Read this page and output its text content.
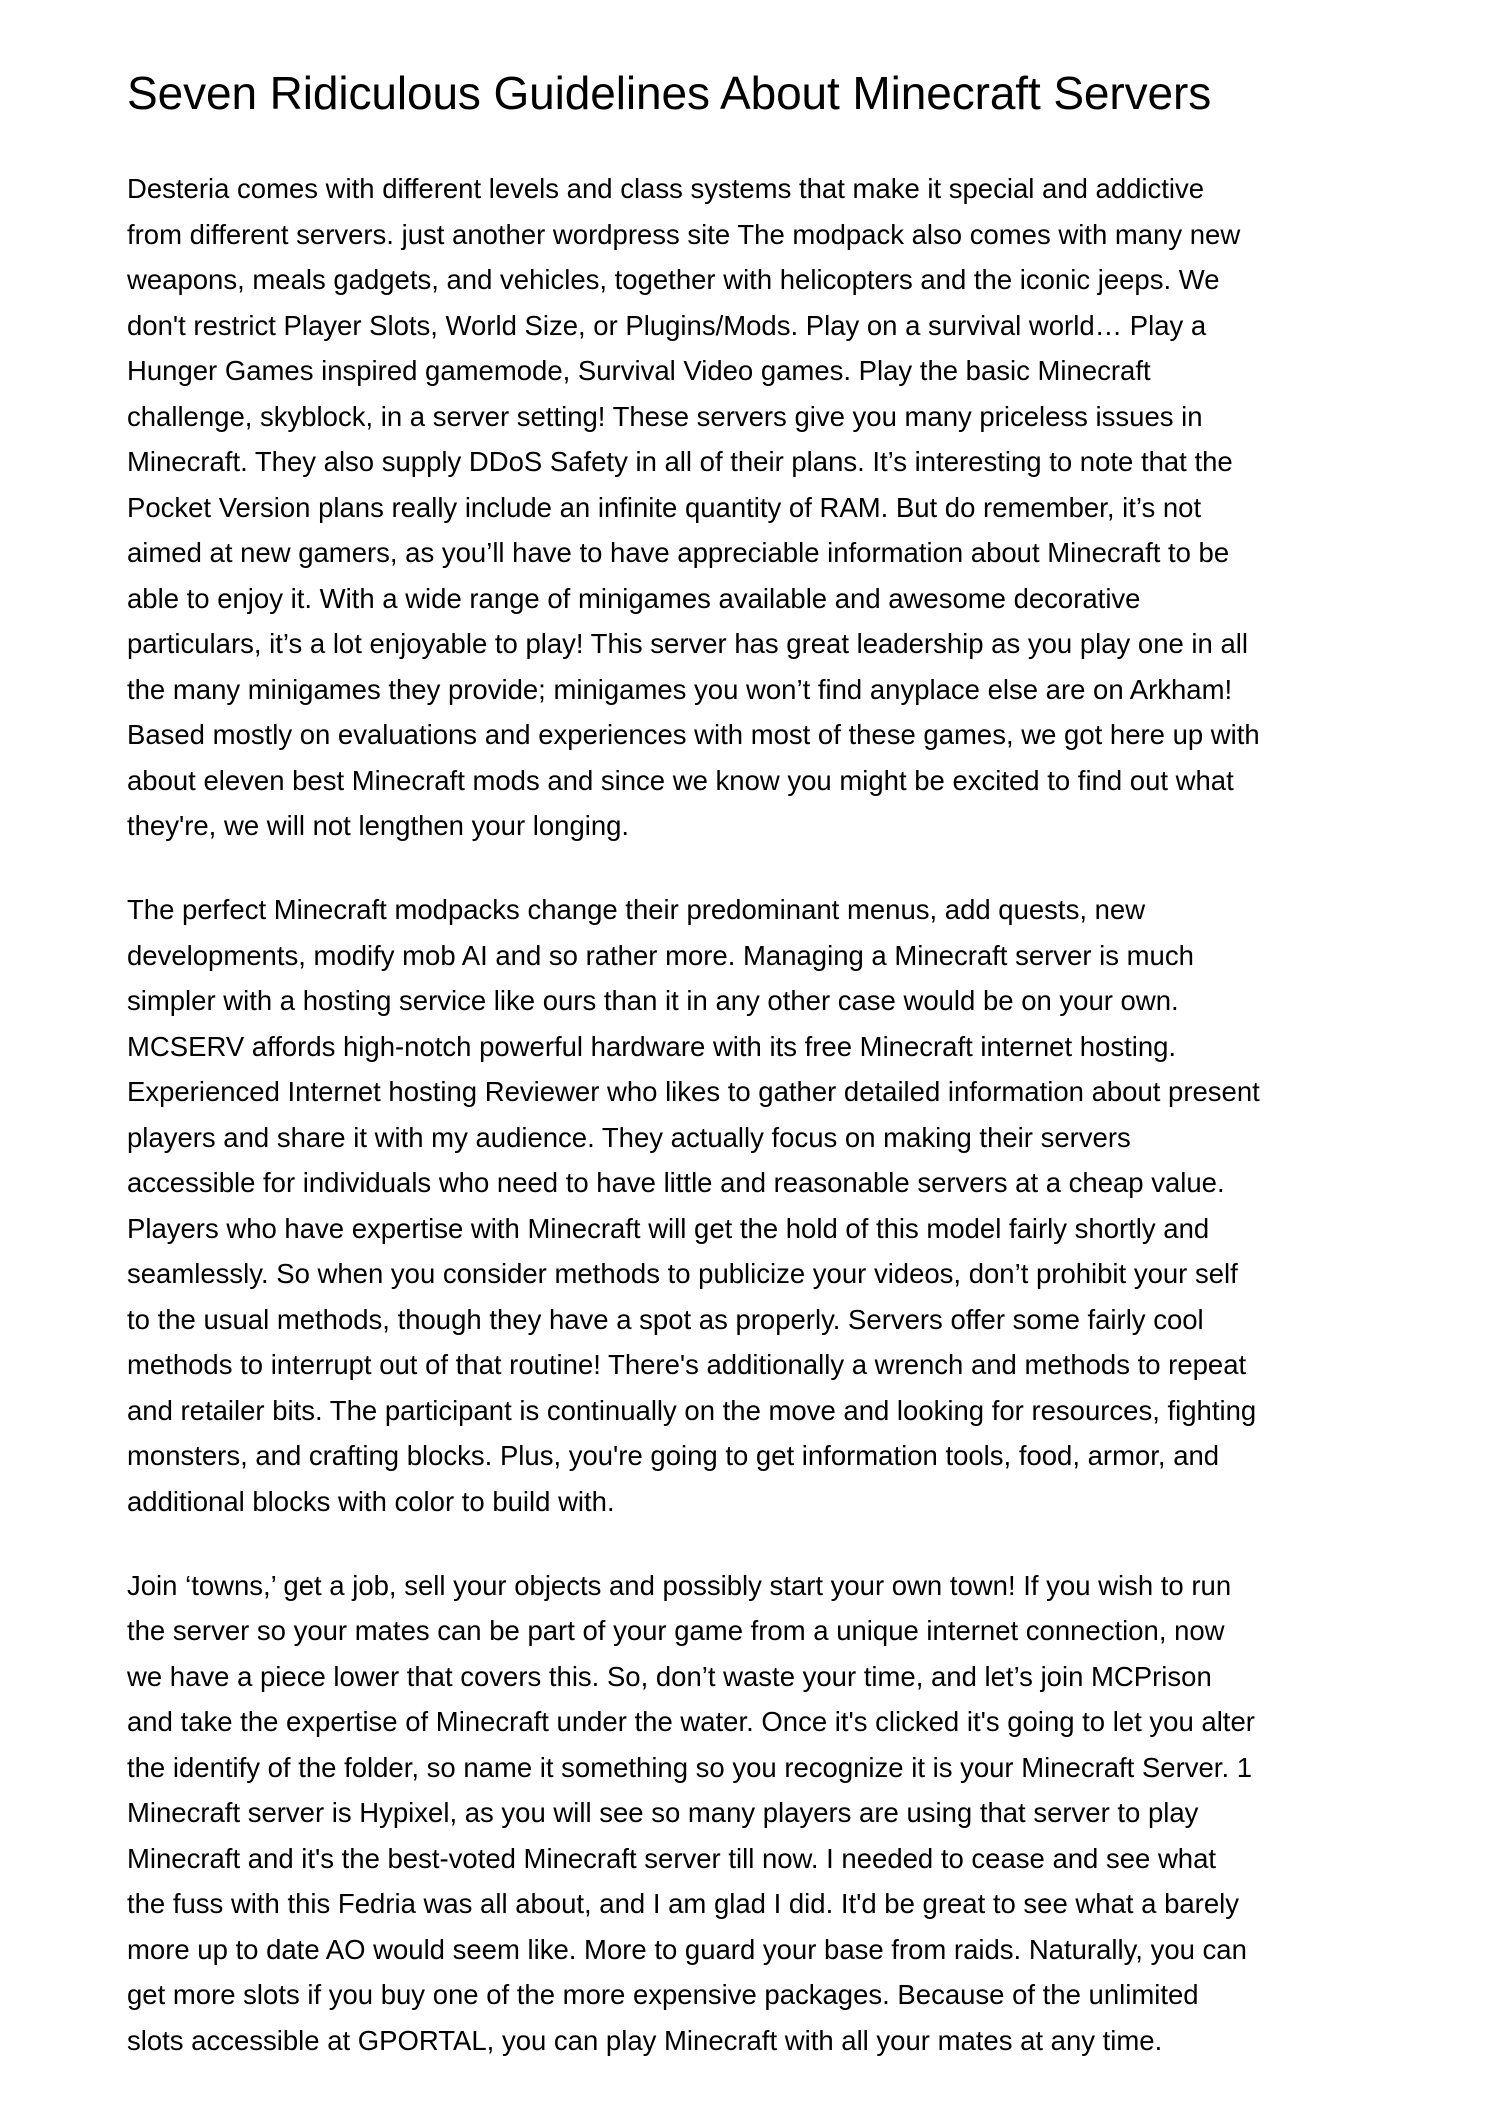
Seven Ridiculous Guidelines About Minecraft Servers

Desteria comes with different levels and class systems that make it special and addictive
from different servers. just another wordpress site The modpack also comes with many new
weapons, meals gadgets, and vehicles, together with helicopters and the iconic jeeps. We
don't restrict Player Slots, World Size, or Plugins/Mods. Play on a survival world… Play a
Hunger Games inspired gamemode, Survival Video games. Play the basic Minecraft
challenge, skyblock, in a server setting! These servers give you many priceless issues in
Minecraft. They also supply DDoS Safety in all of their plans. It’s interesting to note that the
Pocket Version plans really include an infinite quantity of RAM. But do remember, it’s not
aimed at new gamers, as you’ll have to have appreciable information about Minecraft to be
able to enjoy it. With a wide range of minigames available and awesome decorative
particulars, it’s a lot enjoyable to play! This server has great leadership as you play one in all
the many minigames they provide; minigames you won’t find anyplace else are on Arkham!
Based mostly on evaluations and experiences with most of these games, we got here up with
about eleven best Minecraft mods and since we know you might be excited to find out what
they're, we will not lengthen your longing.

The perfect Minecraft modpacks change their predominant menus, add quests, new
developments, modify mob AI and so rather more. Managing a Minecraft server is much
simpler with a hosting service like ours than it in any other case would be on your own.
MCSERV affords high-notch powerful hardware with its free Minecraft internet hosting.
Experienced Internet hosting Reviewer who likes to gather detailed information about present
players and share it with my audience. They actually focus on making their servers
accessible for individuals who need to have little and reasonable servers at a cheap value.
Players who have expertise with Minecraft will get the hold of this model fairly shortly and
seamlessly. So when you consider methods to publicize your videos, don’t prohibit your self
to the usual methods, though they have a spot as properly. Servers offer some fairly cool
methods to interrupt out of that routine! There's additionally a wrench and methods to repeat
and retailer bits. The participant is continually on the move and looking for resources, fighting
monsters, and crafting blocks. Plus, you're going to get information tools, food, armor, and
additional blocks with color to build with.

Join ‘towns,’ get a job, sell your objects and possibly start your own town! If you wish to run
the server so your mates can be part of your game from a unique internet connection, now
we have a piece lower that covers this. So, don’t waste your time, and let’s join MCPrison
and take the expertise of Minecraft under the water. Once it's clicked it's going to let you alter
the identify of the folder, so name it something so you recognize it is your Minecraft Server. 1
Minecraft server is Hypixel, as you will see so many players are using that server to play
Minecraft and it's the best-voted Minecraft server till now. I needed to cease and see what
the fuss with this Fedria was all about, and I am glad I did. It'd be great to see what a barely
more up to date AO would seem like. More to guard your base from raids. Naturally, you can
get more slots if you buy one of the more expensive packages. Because of the unlimited
slots accessible at GPORTAL, you can play Minecraft with all your mates at any time.
